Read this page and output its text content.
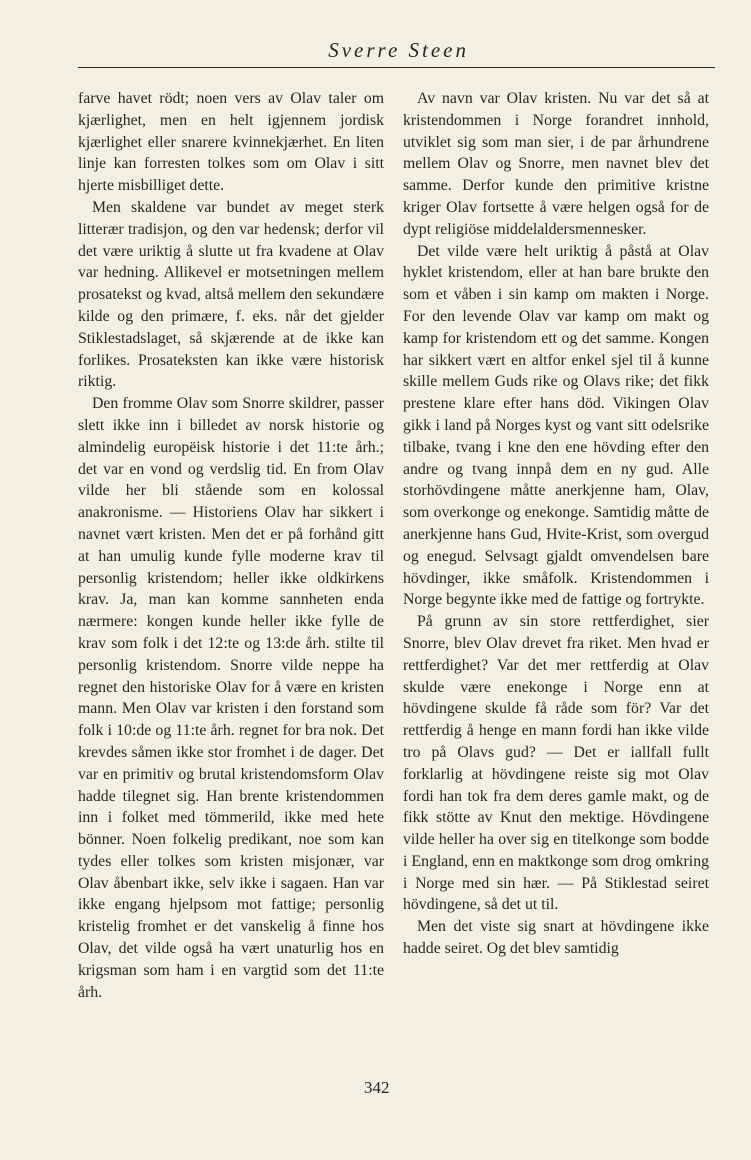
Sverre Steen

farve havet rödt; noen vers av Olav taler om kjærlighet, men en helt igjennem jordisk kjærlighet eller snarere kvinnekjærhet. En liten linje kan forresten tolkes som om Olav i sitt hjerte misbilliget dette.

Men skaldene var bundet av meget sterk litterær tradisjon, og den var hedensk; derfor vil det være uriktig å slutte ut fra kvadene at Olav var hedning. Allikevel er motsetningen mellem prosatekst og kvad, altså mellem den sekundære kilde og den primære, f. eks. når det gjelder Stiklestadslaget, så skjærende at de ikke kan forlikes. Prosateksten kan ikke være historisk riktig.

Den fromme Olav som Snorre skildrer, passer slett ikke inn i billedet av norsk historie og almindelig europëisk historie i det 11:te årh.; det var en vond og verdslig tid. En from Olav vilde her bli stående som en kolossal anakronisme. — Historiens Olav har sikkert i navnet vært kristen. Men det er på forhånd gitt at han umulig kunde fylle moderne krav til personlig kristendom; heller ikke oldkirkens krav. Ja, man kan komme sannheten enda nærmere: kongen kunde heller ikke fylle de krav som folk i det 12:te og 13:de årh. stilte til personlig kristendom. Snorre vilde neppe ha regnet den historiske Olav for å være en kristen mann. Men Olav var kristen i den forstand som folk i 10:de og 11:te årh. regnet for bra nok. Det krevdes såmen ikke stor fromhet i de dager. Det var en primitiv og brutal kristendomsform Olav hadde tilegnet sig. Han brente kristendommen inn i folket med tömmerild, ikke med hete bönner. Noen folkelig predikant, noe som kan tydes eller tolkes som kristen misjonær, var Olav åbenbart ikke, selv ikke i sagaen. Han var ikke engang hjelpsom mot fattige; personlig kristelig fromhet er det vanskelig å finne hos Olav, det vilde også ha vært unaturlig hos en krigsman som ham i en vargtid som det 11:te årh.

Av navn var Olav kristen. Nu var det så at kristendommen i Norge forandret innhold, utviklet sig som man sier, i de par århundrene mellem Olav og Snorre, men navnet blev det samme. Derfor kunde den primitive kristne kriger Olav fortsette å være helgen også for de dypt religiöse middelaldersmennesker.

Det vilde være helt uriktig å påstå at Olav hyklet kristendom, eller at han bare brukte den som et våben i sin kamp om makten i Norge. For den levende Olav var kamp om makt og kamp for kristendom ett og det samme. Kongen har sikkert vært en altfor enkel sjel til å kunne skille mellem Guds rike og Olavs rike; det fikk prestene klare efter hans död. Vikingen Olav gikk i land på Norges kyst og vant sitt odelsrike tilbake, tvang i kne den ene hövding efter den andre og tvang innpå dem en ny gud. Alle storhövdingene måtte anerkjenne ham, Olav, som overkonge og enekonge. Samtidig måtte de anerkjenne hans Gud, Hvite-Krist, som overgud og enegud. Selvsagt gjaldt omvendelsen bare hövdinger, ikke småfolk. Kristendommen i Norge begynte ikke med de fattige og fortrykte.

På grunn av sin store rettferdighet, sier Snorre, blev Olav drevet fra riket. Men hvad er rettferdighet? Var det mer rettferdig at Olav skulde være enekonge i Norge enn at hövdingene skulde få råde som för? Var det rettferdig å henge en mann fordi han ikke vilde tro på Olavs gud? — Det er iallfall fullt forklarlig at hövdingene reiste sig mot Olav fordi han tok fra dem deres gamle makt, og de fikk stötte av Knut den mektige. Hövdingene vilde heller ha over sig en titelkonge som bodde i England, enn en maktkonge som drog omkring i Norge med sin hær. — På Stiklestad seiret hövdingene, så det ut til.

Men det viste sig snart at hövdingene ikke hadde seiret. Og det blev samtidig

342
